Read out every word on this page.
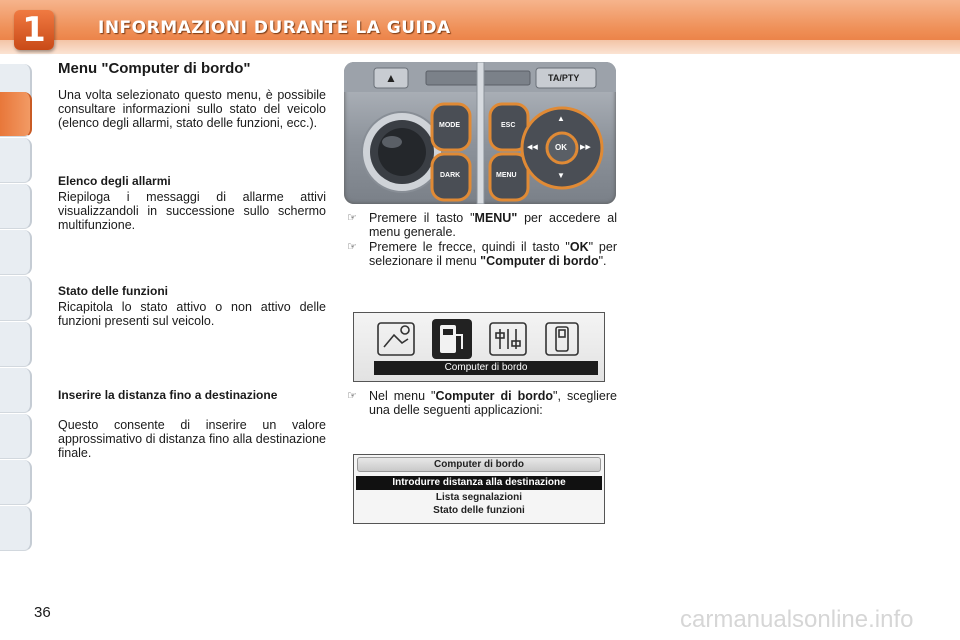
1	INFORMAZIONI DURANTE LA GUIDA
Menu "Computer di bordo"
Una volta selezionato questo menu, è possibile consultare informazioni sullo stato del veicolo (elenco degli allarmi, stato delle funzioni, ecc.).
Elenco degli allarmi
Riepiloga i messaggi di allarme attivi visualizzandoli in successione sullo schermo multifunzione.
Stato delle funzioni
Ricapitola lo stato attivo o non attivo delle funzioni presenti sul veicolo.
Inserire la distanza fino a destinazione
Questo consente di inserire un valore approssimativo di distanza fino alla destinazione finale.
▲	TA/PTY
MODE
DARK
ESC
MENU
OK
▲
▼
◀◀	▶▶
☞ Premere il tasto "MENU" per accedere al menu generale.
☞ Premere le frecce, quindi il tasto "OK" per selezionare il menu "Computer di bordo".
☞ Nel menu "Computer di bordo", scegliere una delle seguenti applicazioni:
Computer di bordo
Computer di bordo
Introdurre distanza alla destinazione
Lista segnalazioni
Stato delle funzioni
36	carmanualsonline.info
